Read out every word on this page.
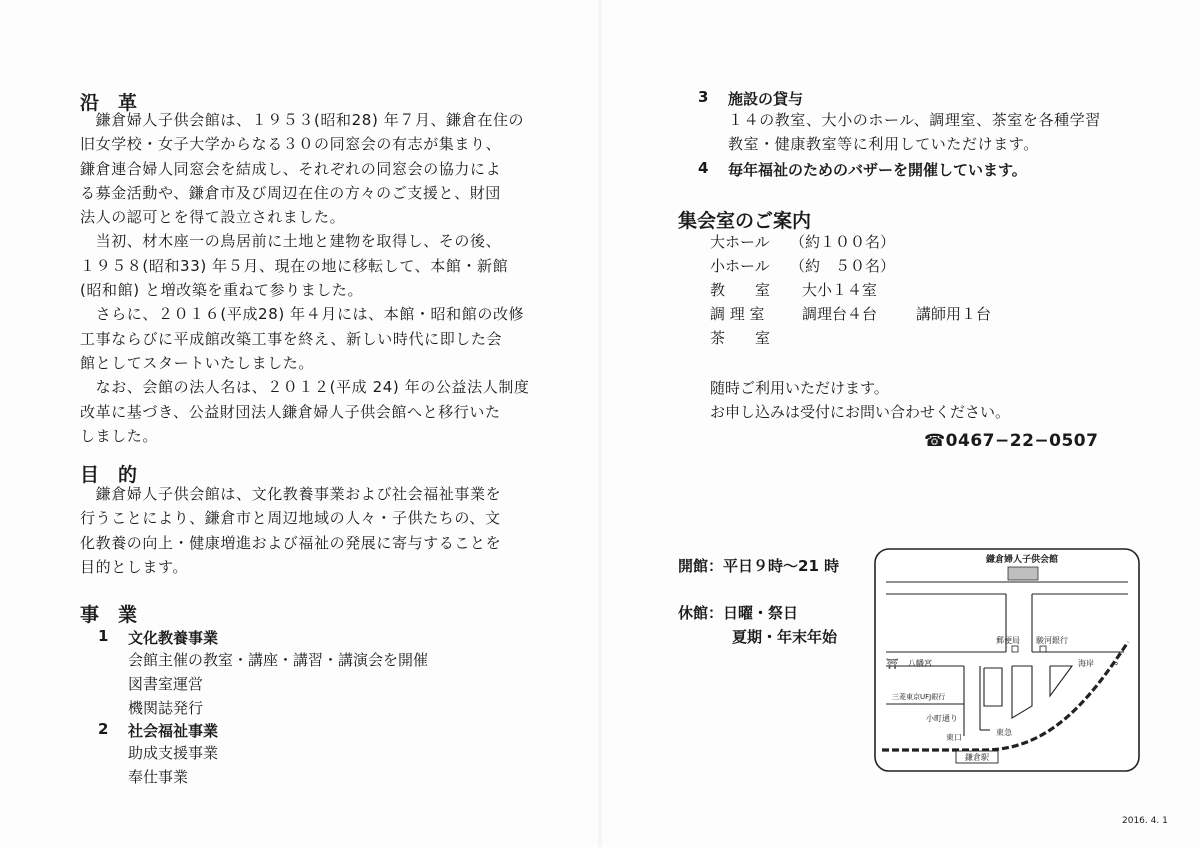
沿　革
　鎌倉婦人子供会館は、１９５３(昭和28) 年７月、鎌倉在住の
旧女学校・女子大学からなる３０の同窓会の有志が集まり、
鎌倉連合婦人同窓会を結成し、それぞれの同窓会の協力によ
る募金活動や、鎌倉市及び周辺在住の方々のご支援と、財団
法人の認可とを得て設立されました。
　当初、材木座一の鳥居前に土地と建物を取得し、その後、
１９５８(昭和33) 年５月、現在の地に移転して、本館・新館
(昭和館) と増改築を重ねて参りました。
　さらに、２０１６(平成28) 年４月には、本館・昭和館の改修
工事ならびに平成館改築工事を終え、新しい時代に即した会
館としてスタートいたしました。
　なお、会館の法人名は、２０１２(平成 24) 年の公益法人制度
改革に基づき、公益財団法人鎌倉婦人子供会館へと移行いた
しました。
目　的
　鎌倉婦人子供会館は、文化教養事業および社会福祉事業を
行うことにより、鎌倉市と周辺地域の人々・子供たちの、文
化教養の向上・健康増進および福祉の発展に寄与することを
目的とします。
事　業
1 文化教養事業
会館主催の教室・講座・講習・講演会を開催
図書室運営
機関誌発行
2 社会福祉事業
助成支援事業
奉仕事業
3 施設の貸与
１４の教室、大小のホール、調理室、茶室を各種学習
教室・健康教室等に利用していただけます。
4 毎年福祉のためのバザーを開催しています。
集会室のご案内
大ホール （約１００名）
小ホール （約　５０名）
教　　室 大小１４室
調 理 室 調理台４台	講師用１台
茶　　室
随時ご利用いただけます。
お申し込みは受付にお問い合わせください。
☎0467−22−0507
開館：平日９時～21 時
休館：日曜・祭日
夏期・年末年始
鎌倉婦人子供会館
郵便局 駿河銀行
⛩ 八幡宮	海岸 ⇨
三菱東京UFJ銀行
小町通り
東口
東急
鎌倉駅
2016. 4. 1
